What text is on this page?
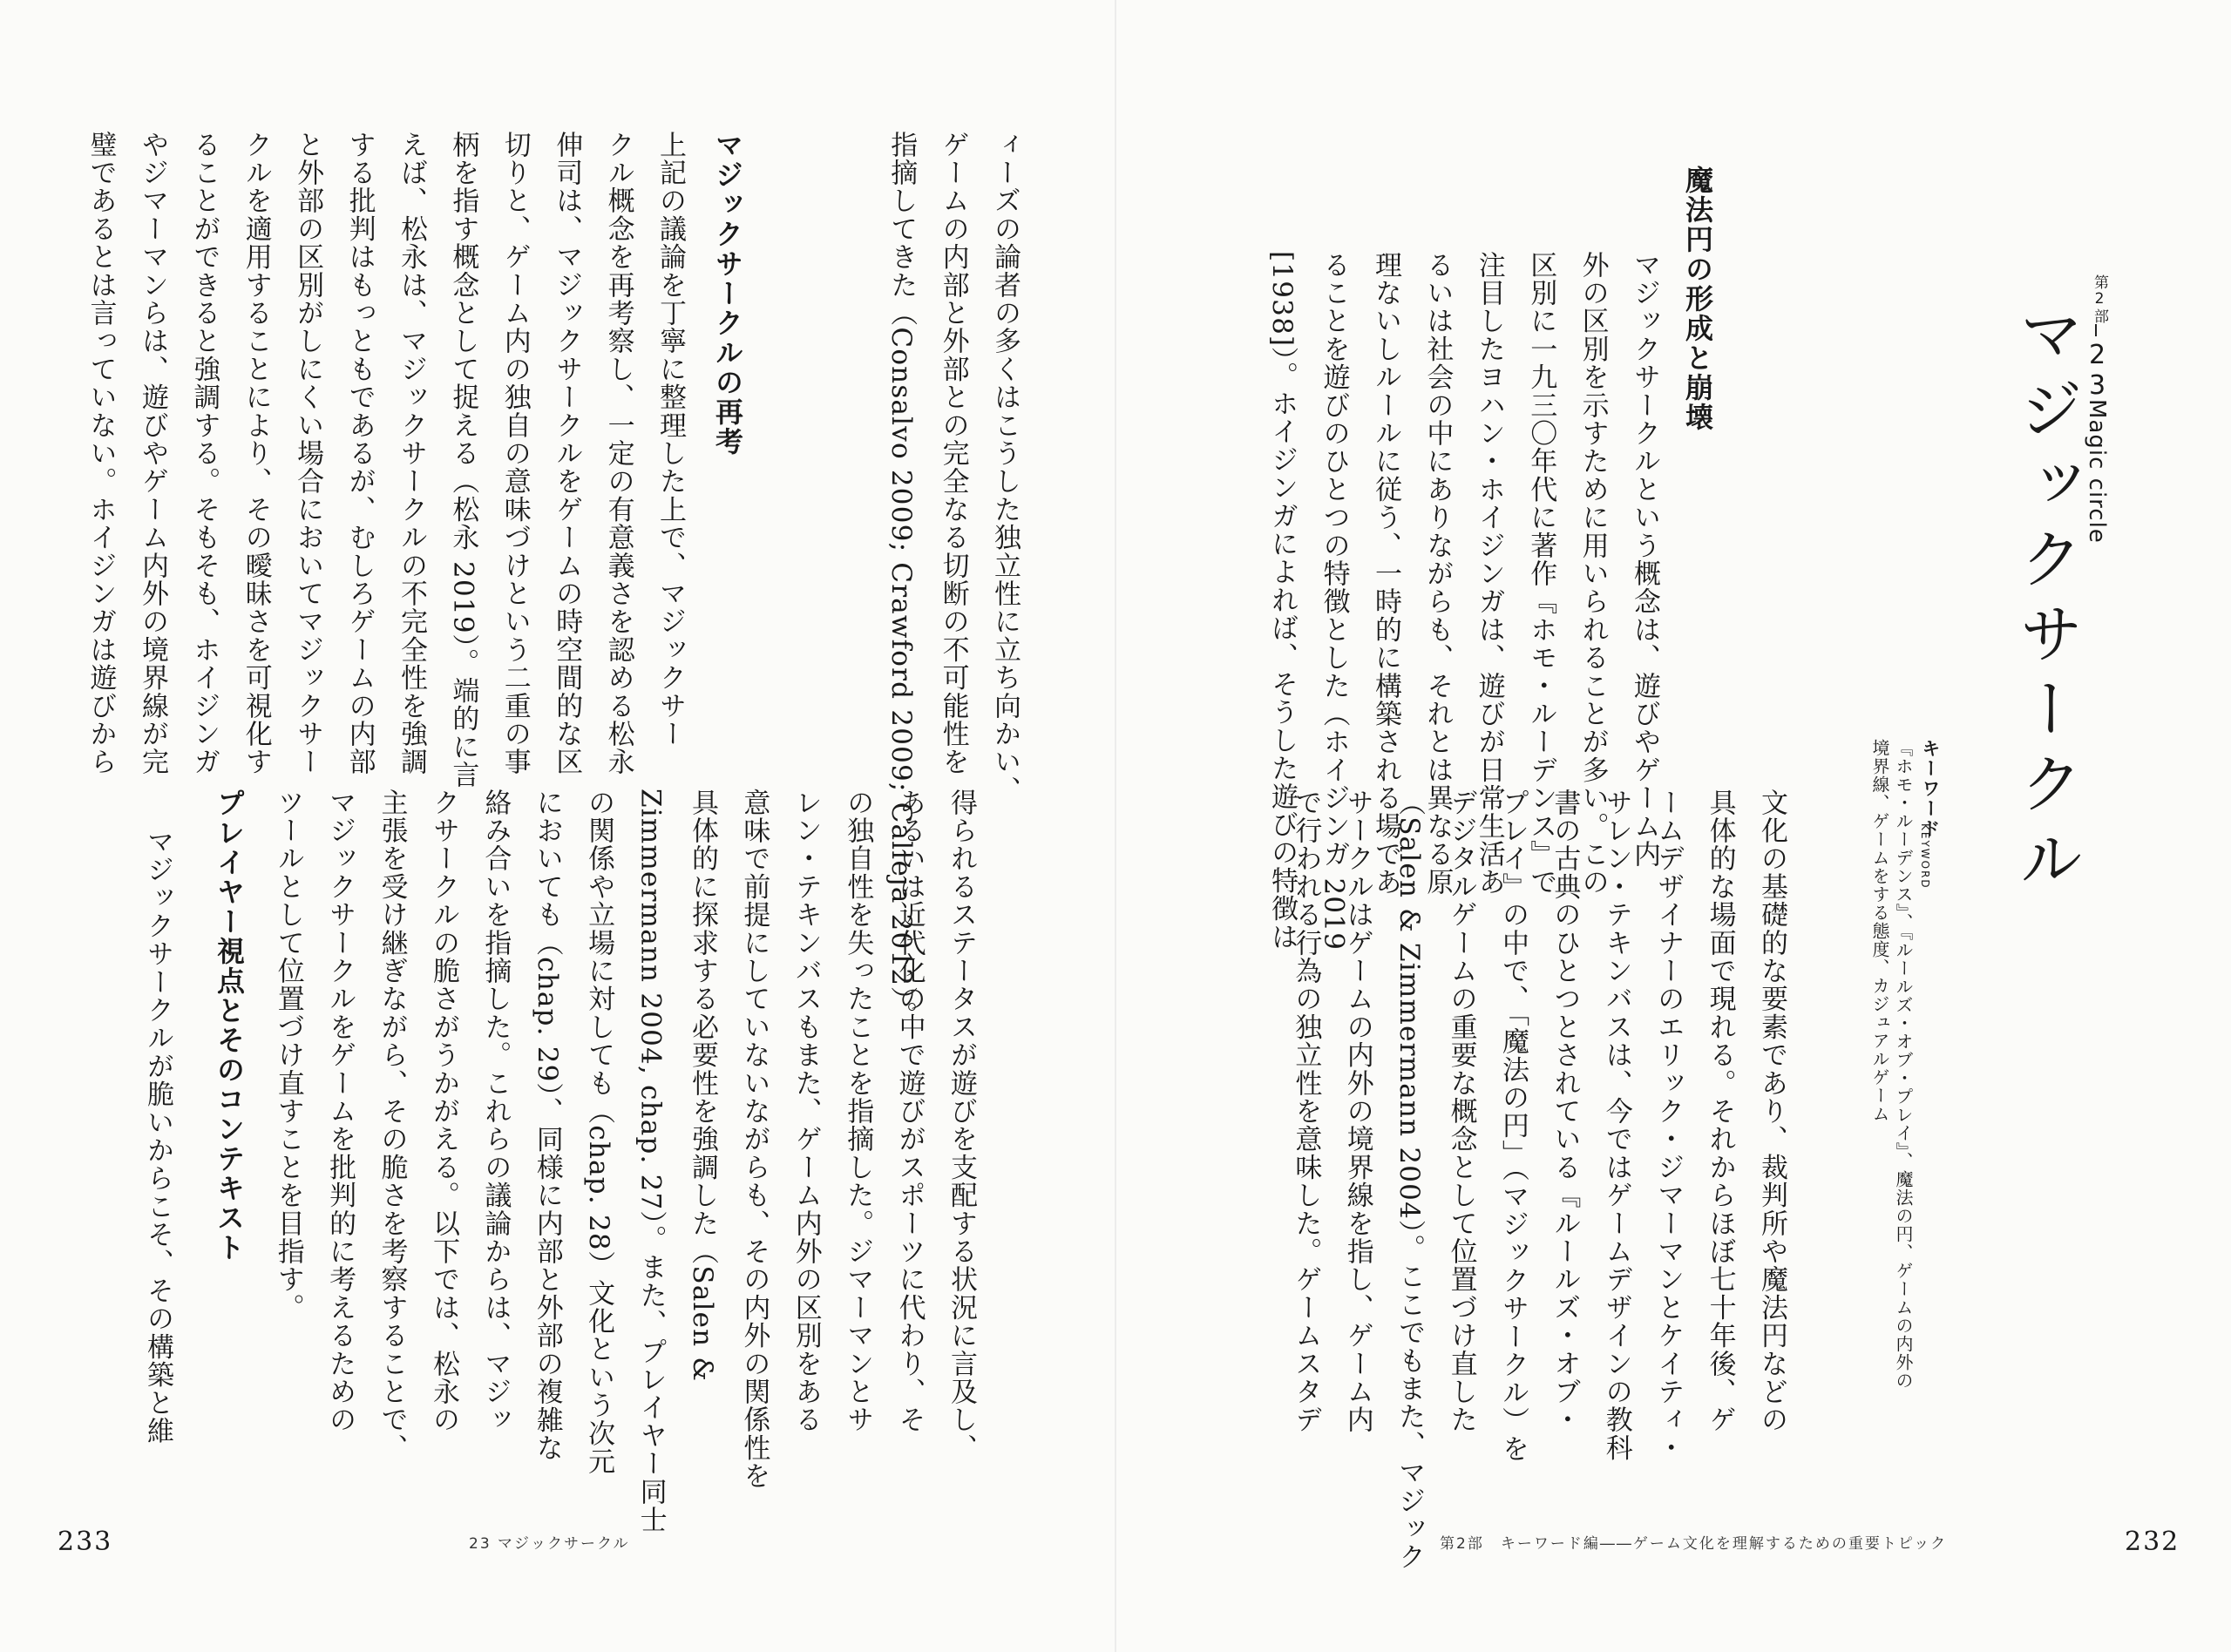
第2部
23
Magic circle
マジックサークル
キーワード
KEYWORD
『ホモ・ルーデンス』、『ルールズ・オブ・プレイ』、魔法の円、ゲームの内外の
境界線、ゲームをする態度、カジュアルゲーム
魔法円の形成と崩壊
マジックサークルという概念は、遊びやゲーム内
外の区別を示すために用いられることが多い。この
区別に一九三〇年代に著作『ホモ・ルーデンス』で
注目したヨハン・ホイジンガは、遊びが日常生活あ
るいは社会の中にありながらも、それとは異なる原
理ないしルールに従う、一時的に構築される場であ
ることを遊びのひとつの特徴とした（ホイジンガ 2019
[1938]）。ホイジンガによれば、そうした遊びの特徴は
文化の基礎的な要素であり、裁判所や魔法円などの
具体的な場面で現れる。それからほぼ七十年後、ゲ
ームデザイナーのエリック・ジマーマンとケイティ・
サレン・テキンバスは、今ではゲームデザインの教科
書の古典のひとつとされている『ルールズ・オブ・
プレイ』の中で、「魔法の円」（マジックサークル）を
デジタルゲームの重要な概念として位置づけ直した
（Salen & Zimmermann 2004）。ここでもまた、マジック
サークルはゲームの内外の境界線を指し、ゲーム内
で行われる行為の独立性を意味した。ゲームスタデ
第2部　キーワード編――ゲーム文化を理解するための重要トピック	232
ィーズの論者の多くはこうした独立性に立ち向かい、
ゲームの内部と外部との完全なる切断の不可能性を
指摘してきた（Consalvo 2009; Crawford 2009; Calleja 2012）。
マジックサークルの再考
上記の議論を丁寧に整理した上で、マジックサー
クル概念を再考察し、一定の有意義さを認める松永
伸司は、マジックサークルをゲームの時空間的な区
切りと、ゲーム内の独自の意味づけという二重の事
柄を指す概念として捉える（松永 2019）。端的に言
えば、松永は、マジックサークルの不完全性を強調
する批判はもっともであるが、むしろゲームの内部
と外部の区別がしにくい場合においてマジックサー
クルを適用することにより、その曖昧さを可視化す
ることができると強調する。そもそも、ホイジンガ
やジマーマンらは、遊びやゲーム内外の境界線が完
璧であるとは言っていない。ホイジンガは遊びから
得られるステータスが遊びを支配する状況に言及し、
あるいは近代化の中で遊びがスポーツに代わり、そ
の独自性を失ったことを指摘した。ジマーマンとサ
レン・テキンバスもまた、ゲーム内外の区別をある
意味で前提にしていないながらも、その内外の関係性を
具体的に探求する必要性を強調した（Salen &
Zimmermann 2004, chap. 27）。また、プレイヤー同士
の関係や立場に対しても（chap. 28）文化という次元
においても（chap. 29）、同様に内部と外部の複雑な
絡み合いを指摘した。これらの議論からは、マジッ
クサークルの脆さがうかがえる。以下では、松永の
主張を受け継ぎながら、その脆さを考察することで、
マジックサークルをゲームを批判的に考えるための
ツールとして位置づけ直すことを目指す。
プレイヤー視点とそのコンテキスト
マジックサークルが脆いからこそ、その構築と維
233	23 マジックサークル
